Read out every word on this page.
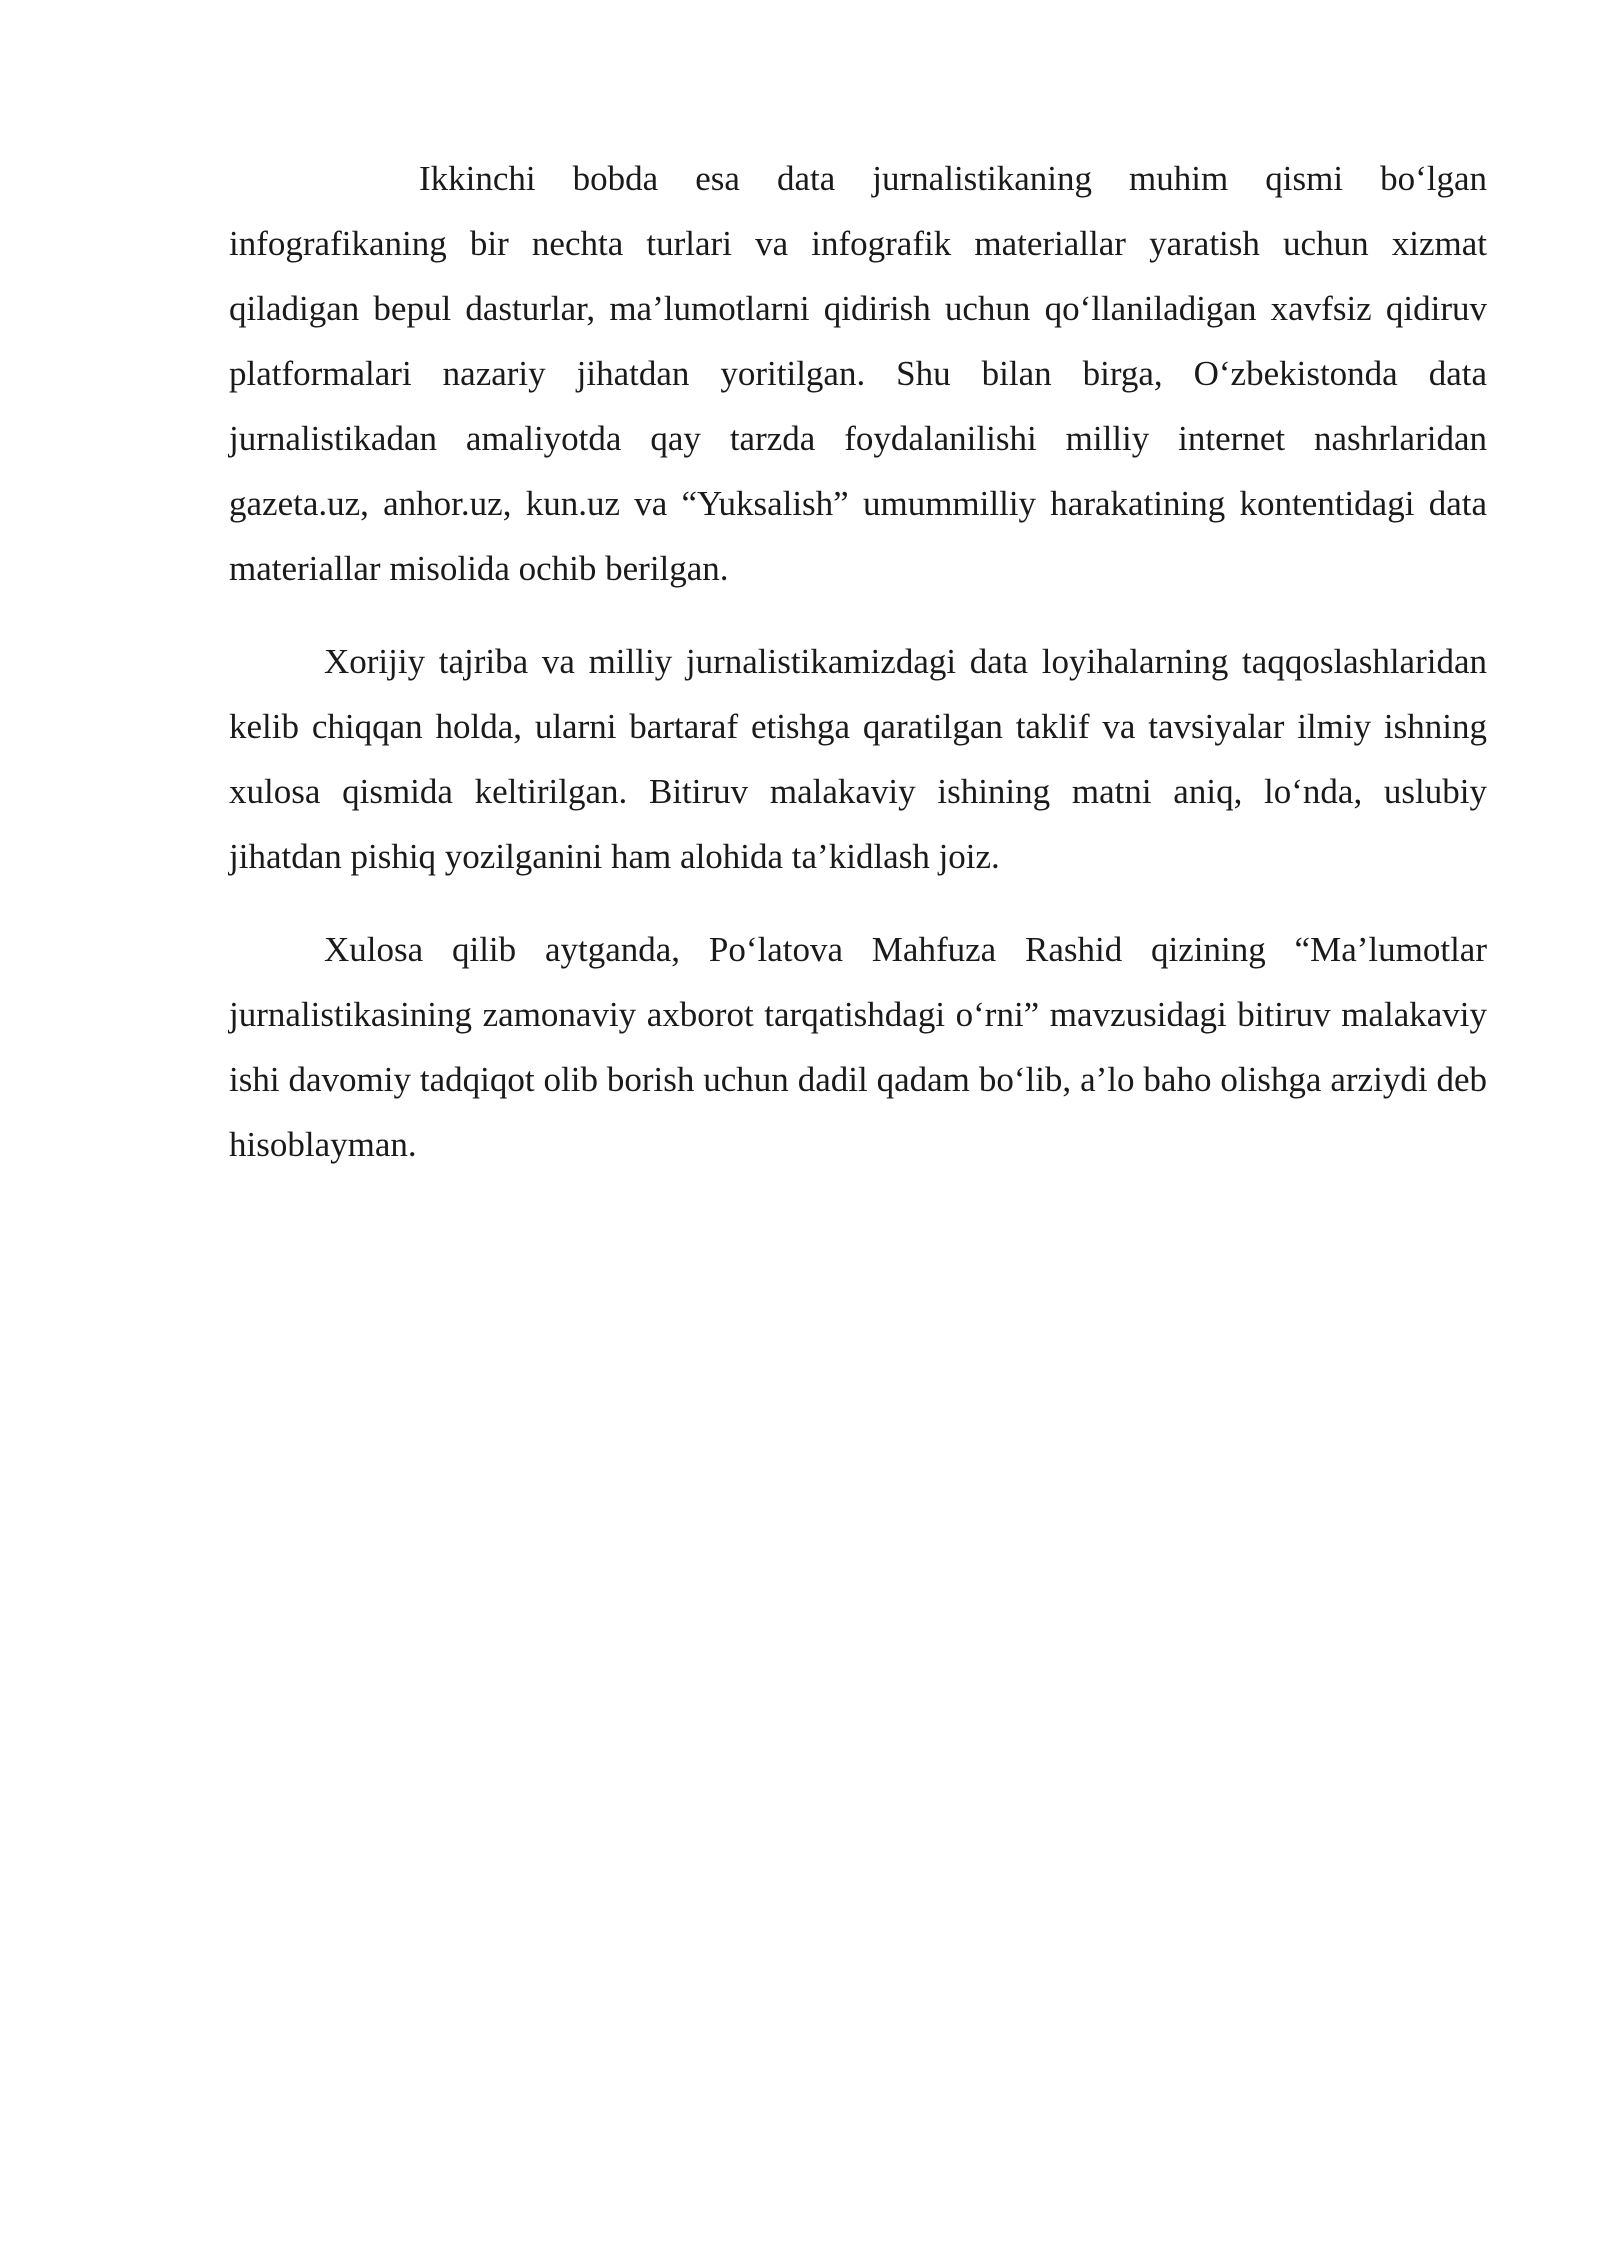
Ikkinchi bobda esa data jurnalistikaning muhim qismi bo‘lgan infografikaning bir nechta turlari va infografik materiallar yaratish uchun xizmat qiladigan bepul dasturlar, ma’lumotlarni qidirish uchun qo‘llaniladigan xavfsiz qidiruv platformalari nazariy jihatdan yoritilgan. Shu bilan birga, O‘zbekistonda data jurnalistikadan amaliyotda qay tarzda foydalanilishi milliy internet nashrlaridan gazeta.uz, anhor.uz, kun.uz va “Yuksalish” umummilliy harakatining kontentidagi data materiallar misolida ochib berilgan.

Xorijiy tajriba va milliy jurnalistikamizdagi data loyihalarning taqqoslashlaridan kelib chiqqan holda, ularni bartaraf etishga qaratilgan taklif va tavsiyalar ilmiy ishning xulosa qismida keltirilgan. Bitiruv malakaviy ishining matni aniq, lo‘nda, uslubiy jihatdan pishiq yozilganini ham alohida ta’kidlash joiz.

Xulosa qilib aytganda, Po‘latova Mahfuza Rashid qizining “Ma’lumotlar jurnalistikasining zamonaviy axborot tarqatishdagi o‘rni” mavzusidagi bitiruv malakaviy ishi davomiy tadqiqot olib borish uchun dadil qadam bo‘lib, a’lo baho olishga arziydi deb hisoblayman.
